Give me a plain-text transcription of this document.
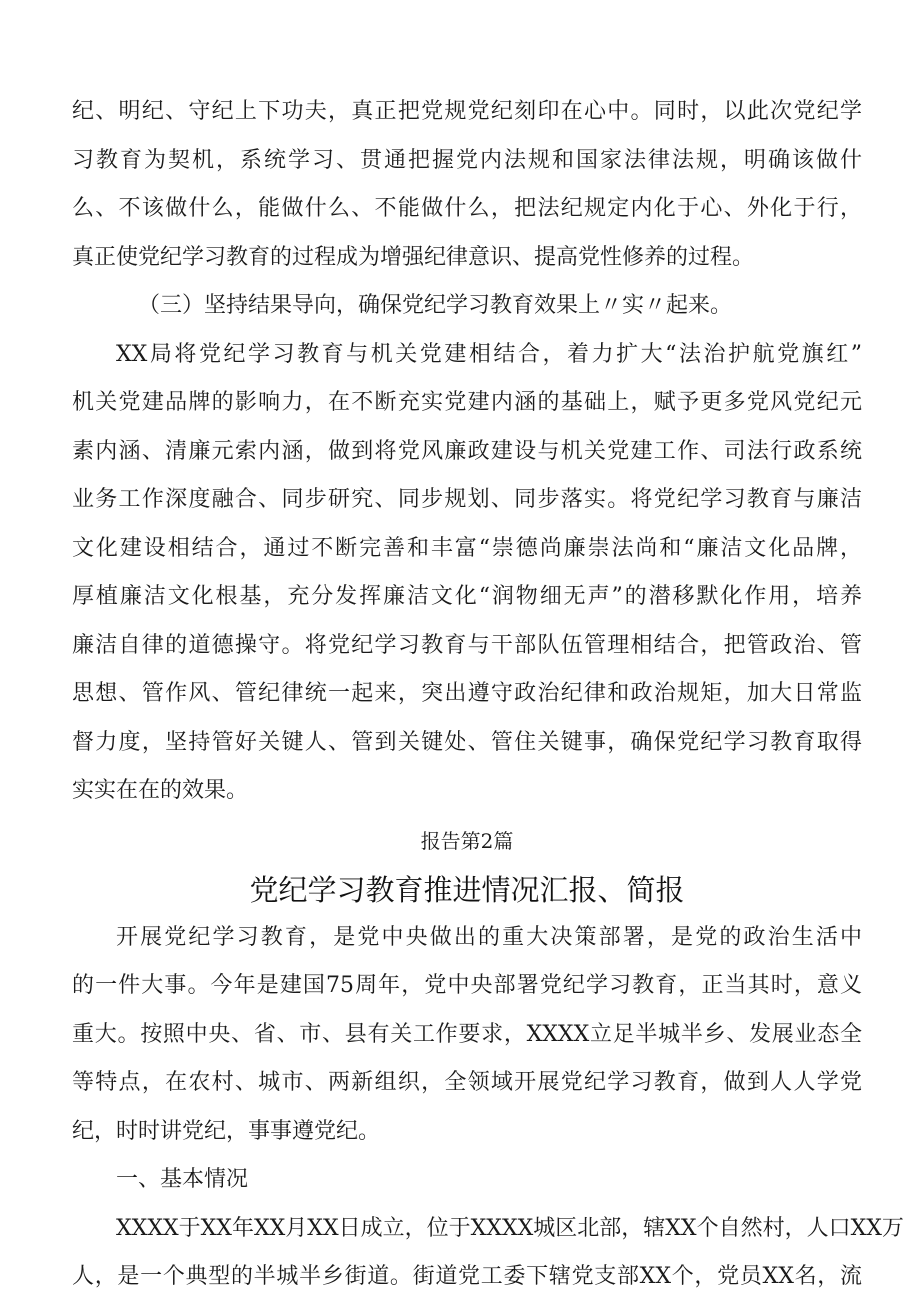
纪、明纪、守纪上下功夫，真正把党规党纪刻印在心中。同时，以此次党纪学
习教育为契机，系统学习、贯通把握党内法规和国家法律法规，明确该做什
么、不该做什么，能做什么、不能做什么，把法纪规定内化于心、外化于行，
真正使党纪学习教育的过程成为增强纪律意识、提高党性修养的过程。
（三）坚持结果导向，确保党纪学习教育效果上〃实〃起来。
XX局将党纪学习教育与机关党建相结合，着力扩大“法治护航党旗红”
机关党建品牌的影响力，在不断充实党建内涵的基础上，赋予更多党风党纪元
素内涵、清廉元索内涵，做到将党风廉政建设与机关党建工作、司法行政系统
业务工作深度融合、同步研究、同步规划、同步落实。将党纪学习教育与廉洁
文化建设相结合，通过不断完善和丰富“崇德尚廉崇法尚和“廉洁文化品牌，
厚植廉洁文化根基，充分发挥廉洁文化“润物细无声”的潜移默化作用，培养
廉洁自律的道德操守。将党纪学习教育与干部队伍管理相结合，把管政治、管
思想、管作风、管纪律统一起来，突出遵守政治纪律和政治规矩，加大日常监
督力度，坚持管好关键人、管到关键处、管住关键事，确保党纪学习教育取得
实实在在的效果。
报告第2篇
党纪学习教育推进情况汇报、简报
开展党纪学习教育，是党中央做出的重大决策部署，是党的政治生活中
的一件大事。今年是建国75周年，党中央部署党纪学习教育，正当其时，意义
重大。按照中央、省、市、县有关工作要求，XXXX立足半城半乡、发展业态全
等特点，在农村、城市、两新组织，全领域开展党纪学习教育，做到人人学党
纪，时时讲党纪，事事遵党纪。
一、基本情况
XXXX于XX年XX月XX日成立，位于XXXX城区北部，辖XX个自然村，人口XX万
人，是一个典型的半城半乡街道。街道党工委下辖党支部XX个，党员XX名，流
